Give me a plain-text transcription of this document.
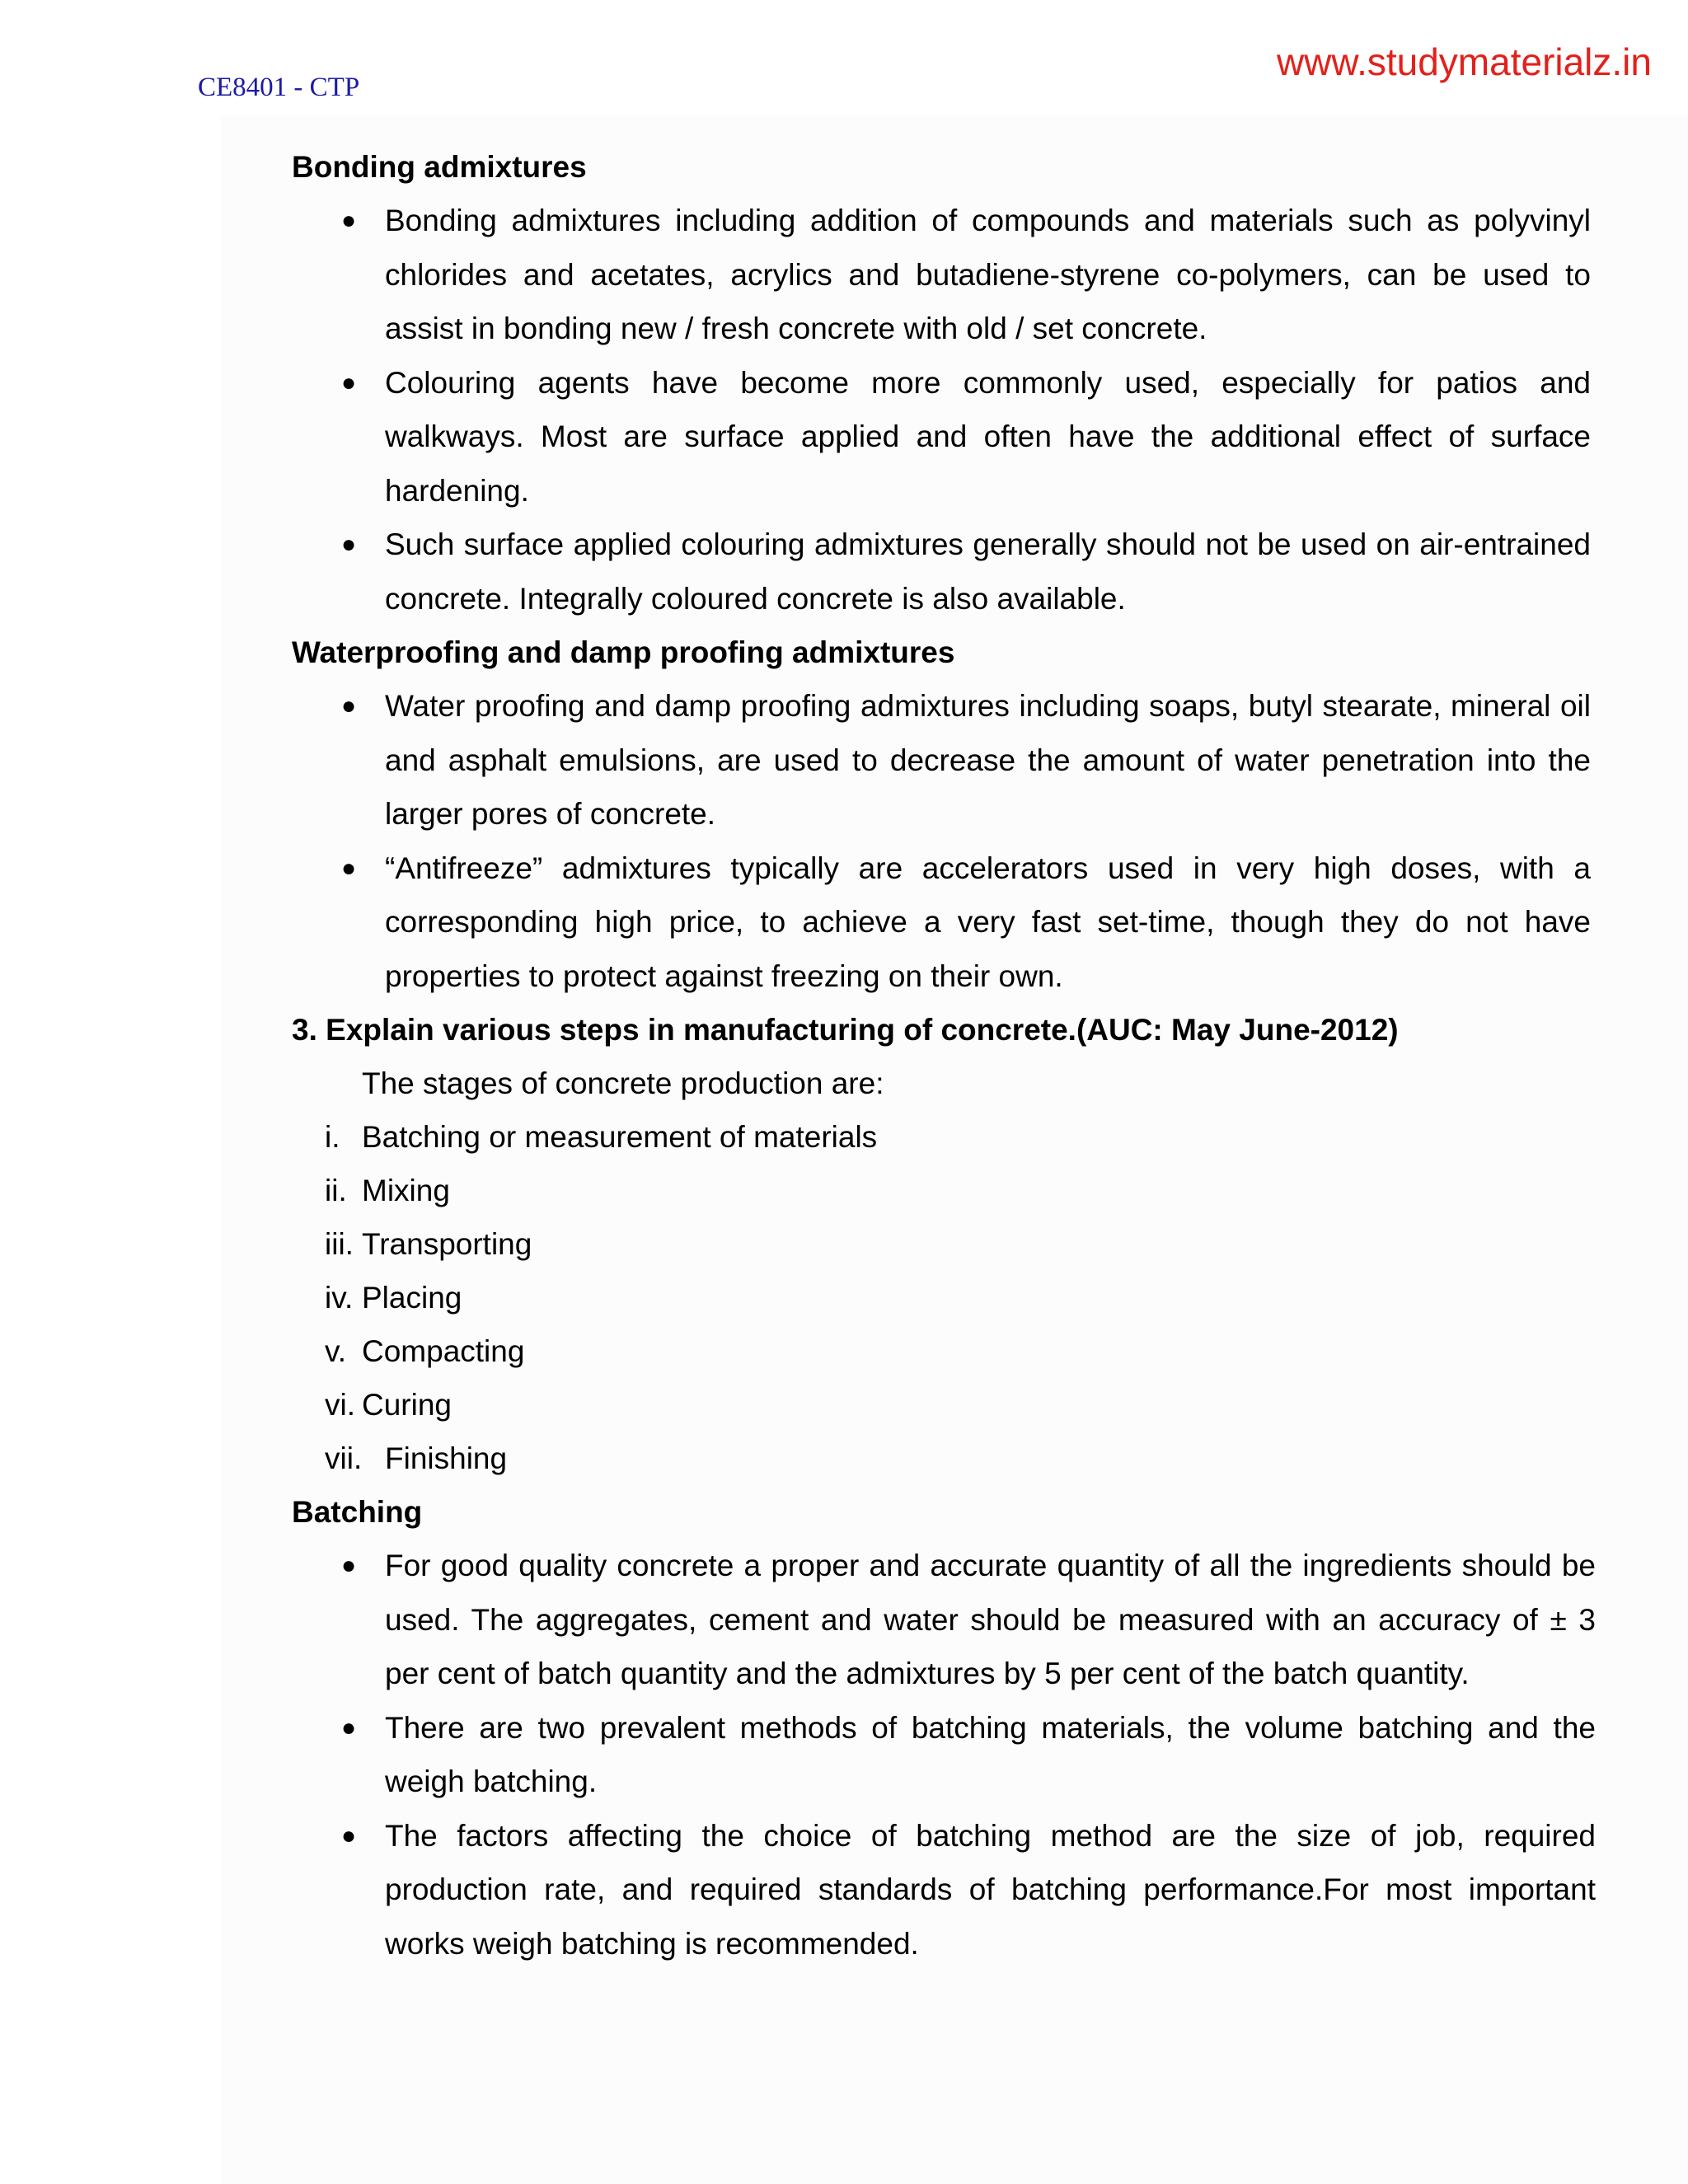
CE8401 - CTP
www.studymaterialz.in
Bonding admixtures
● Bonding admixtures including addition of compounds and materials such as polyvinyl chlorides and acetates, acrylics and butadiene-styrene co-polymers, can be used to assist in bonding new / fresh concrete with old / set concrete.
● Colouring agents have become more commonly used, especially for patios and walkways. Most are surface applied and often have the additional effect of surface hardening.
● Such surface applied colouring admixtures generally should not be used on air-entrained concrete. Integrally coloured concrete is also available.
Waterproofing and damp proofing admixtures
● Water proofing and damp proofing admixtures including soaps, butyl stearate, mineral oil and asphalt emulsions, are used to decrease the amount of water penetration into the larger pores of concrete.
● “Antifreeze” admixtures typically are accelerators used in very high doses, with a corresponding high price, to achieve a very fast set-time, though they do not have properties to protect against freezing on their own.
3. Explain various steps in manufacturing of concrete.(AUC: May June-2012)
The stages of concrete production are:
i. Batching or measurement of materials
ii. Mixing
iii. Transporting
iv. Placing
v. Compacting
vi. Curing
vii. Finishing
Batching
● For good quality concrete a proper and accurate quantity of all the ingredients should be used. The aggregates, cement and water should be measured with an accuracy of ± 3 per cent of batch quantity and the admixtures by 5 per cent of the batch quantity.
● There are two prevalent methods of batching materials, the volume batching and the weigh batching.
● The factors affecting the choice of batching method are the size of job, required production rate, and required standards of batching performance.For most important works weigh batching is recommended.
